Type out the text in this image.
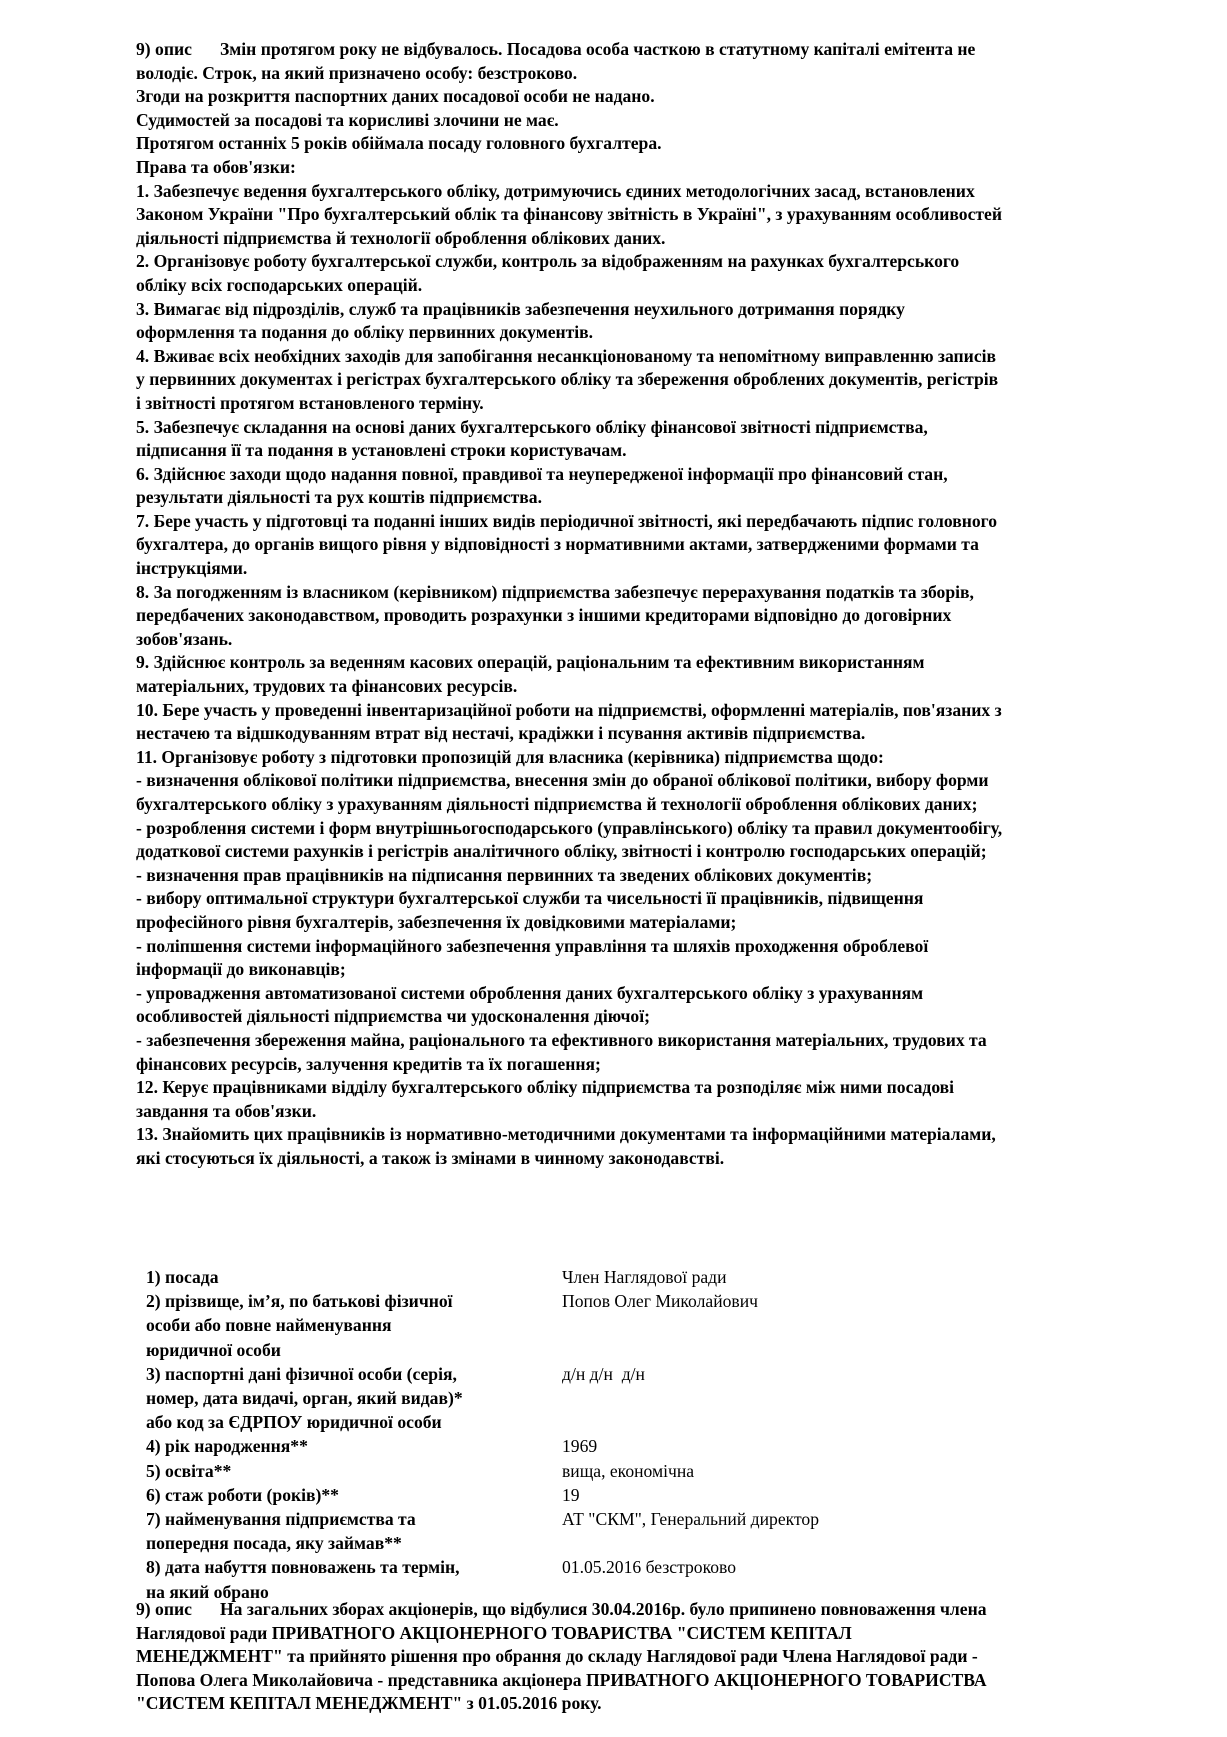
9) опис Змін протягом року не відбувалось. Посадова особа часткою в статутному капіталі емітента не
володіє. Строк, на який призначено особу: безстроково.
Згоди на розкриття паспортних даних посадової особи не надано.
Судимостей за посадові та корисливі злочини не має.
Протягом останніх 5 років обіймала посаду головного бухгалтера.
Права та обов'язки:
1. Забезпечує ведення бухгалтерського обліку, дотримуючись єдиних методологічних засад, встановлених
Законом України "Про бухгалтерський облік та фінансову звітність в Україні", з урахуванням особливостей
діяльності підприємства й технології оброблення облікових даних.
2. Організовує роботу бухгалтерської служби, контроль за відображенням на рахунках бухгалтерського
обліку всіх господарських операцій.
3. Вимагає від підрозділів, служб та працівників забезпечення неухильного дотримання порядку
оформлення та подання до обліку первинних документів.
4. Вживає всіх необхідних заходів для запобігання несанкціонованому та непомітному виправленню записів
у первинних документах і регістрах бухгалтерського обліку та збереження оброблених документів, регістрів
і звітності протягом встановленого терміну.
5. Забезпечує складання на основі даних бухгалтерського обліку фінансової звітності підприємства,
підписання її та подання в установлені строки користувачам.
6. Здійснює заходи щодо надання повної, правдивої та неупередженої інформації про фінансовий стан,
результати діяльності та рух коштів підприємства.
7. Бере участь у підготовці та поданні інших видів періодичної звітності, які передбачають підпис головного
бухгалтера, до органів вищого рівня у відповідності з нормативними актами, затвердженими формами та
інструкціями.
8. За погодженням із власником (керівником) підприємства забезпечує перерахування податків та зборів,
передбачених законодавством, проводить розрахунки з іншими кредиторами відповідно до договірних
зобов'язань.
9. Здійснює контроль за веденням касових операцій, раціональним та ефективним використанням
матеріальних, трудових та фінансових ресурсів.
10. Бере участь у проведенні інвентаризаційної роботи на підприємстві, оформленні матеріалів, пов'язаних з
нестачею та відшкодуванням втрат від нестачі, крадіжки і псування активів підприємства.
11. Організовує роботу з підготовки пропозицій для власника (керівника) підприємства щодо:
- визначення облікової політики підприємства, внесення змін до обраної облікової політики, вибору форми
бухгалтерського обліку з урахуванням діяльності підприємства й технології оброблення облікових даних;
- розроблення системи і форм внутрішньогосподарського (управлінського) обліку та правил документообігу,
додаткової системи рахунків і регістрів аналітичного обліку, звітності і контролю господарських операцій;
- визначення прав працівників на підписання первинних та зведених облікових документів;
- вибору оптимальної структури бухгалтерської служби та чисельності її працівників, підвищення
професійного рівня бухгалтерів, забезпечення їх довідковими матеріалами;
- поліпшення системи інформаційного забезпечення управління та шляхів проходження оброблевої
інформації до виконавців;
- упровадження автоматизованої системи оброблення даних бухгалтерського обліку з урахуванням
особливостей діяльності підприємства чи удосконалення діючої;
- забезпечення збереження майна, раціонального та ефективного використання матеріальних, трудових та
фінансових ресурсів, залучення кредитів та їх погашення;
12. Керує працівниками відділу бухгалтерського обліку підприємства та розподіляє між ними посадові
завдання та обов'язки.
13. Знайомить цих працівників із нормативно-методичними документами та інформаційними матеріалами,
які стосуються їх діяльності, а також із змінами в чинному законодавстві.
1) посада	Член Наглядової ради

2) прізвище, ім’я, по батькові фізичної
особи або повне найменування
юридичної особи	Попов Олег Миколайович

3) паспортні дані фізичної особи (серія,
номер, дата видачі, орган, який видав)*
або код за ЄДРПОУ юридичної особи	д/н д/н  д/н

4) рік народження**	1969

5) освіта**	вища, економічна

6) стаж роботи (років)**	19

7) найменування підприємства та
попередня посада, яку займав**	АТ "СКМ", Генеральний директор

8) дата набуття повноважень та термін,
на який обрано	01.05.2016 безстроково
9) опис На загальних зборах акціонерів, що відбулися 30.04.2016р. було припинено повноваження члена
Наглядової ради ПРИВАТНОГО АКЦІОНЕРНОГО ТОВАРИСТВА "СИСТЕМ КЕПІТАЛ
МЕНЕДЖМЕНТ" та прийнято рішення про обрання до складу Наглядової ради Члена Наглядової ради -
Попова Олега Миколайовича - представника акціонера ПРИВАТНОГО АКЦІОНЕРНОГО ТОВАРИСТВА
"СИСТЕМ КЕПІТАЛ МЕНЕДЖМЕНТ" з 01.05.2016 року.
